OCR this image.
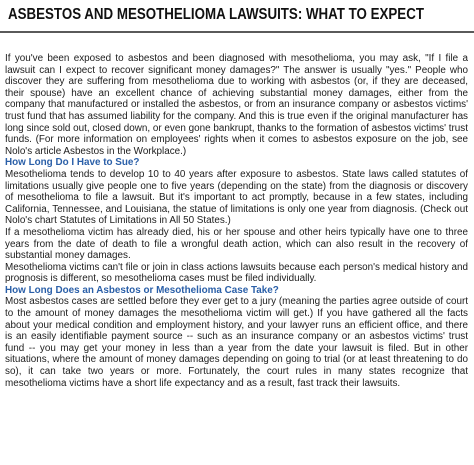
ASBESTOS AND MESOTHELIOMA LAWSUITS: WHAT TO EXPECT

If you've been exposed to asbestos and been diagnosed with mesothelioma, you may ask, "If I file a lawsuit can I expect to recover significant money damages?" The answer is usually "yes." People who discover they are suffering from mesothelioma due to working with asbestos (or, if they are deceased, their spouse) have an excellent chance of achieving substantial money damages, either from the company that manufactured or installed the asbestos, or from an insurance company or asbestos victims' trust fund that has assumed liability for the company. And this is true even if the original manufacturer has long since sold out, closed down, or even gone bankrupt, thanks to the formation of asbestos victims' trust funds. (For more information on employees' rights when it comes to asbestos exposure on the job, see Nolo's article Asbestos in the Workplace.)

How Long Do I Have to Sue?

Mesothelioma tends to develop 10 to 40 years after exposure to asbestos. State laws called statutes of limitations usually give people one to five years (depending on the state) from the diagnosis or discovery of mesothelioma to file a lawsuit. But it's important to act promptly, because in a few states, including California, Tennessee, and Louisiana, the statue of limitations is only one year from diagnosis. (Check out Nolo's chart Statutes of Limitations in All 50 States.)

If a mesothelioma victim has already died, his or her spouse and other heirs typically have one to three years from the date of death to file a wrongful death action, which can also result in the recovery of substantial money damages.

Mesothelioma victims can't file or join in class actions lawsuits because each person's medical history and prognosis is different, so mesothelioma cases must be filed individually.

How Long Does an Asbestos or Mesothelioma Case Take?

Most asbestos cases are settled before they ever get to a jury (meaning the parties agree outside of court to the amount of money damages the mesothelioma victim will get.) If you have gathered all the facts about your medical condition and employment history, and your lawyer runs an efficient office, and there is an easily identifiable payment source -- such as an insurance company or an asbestos victims' trust fund -- you may get your money in less than a year from the date your lawsuit is filed. But in other situations, where the amount of money damages depending on going to trial (or at least threatening to do so), it can take two years or more. Fortunately, the court rules in many states recognize that mesothelioma victims have a short life expectancy and as a result, fast track their lawsuits.
